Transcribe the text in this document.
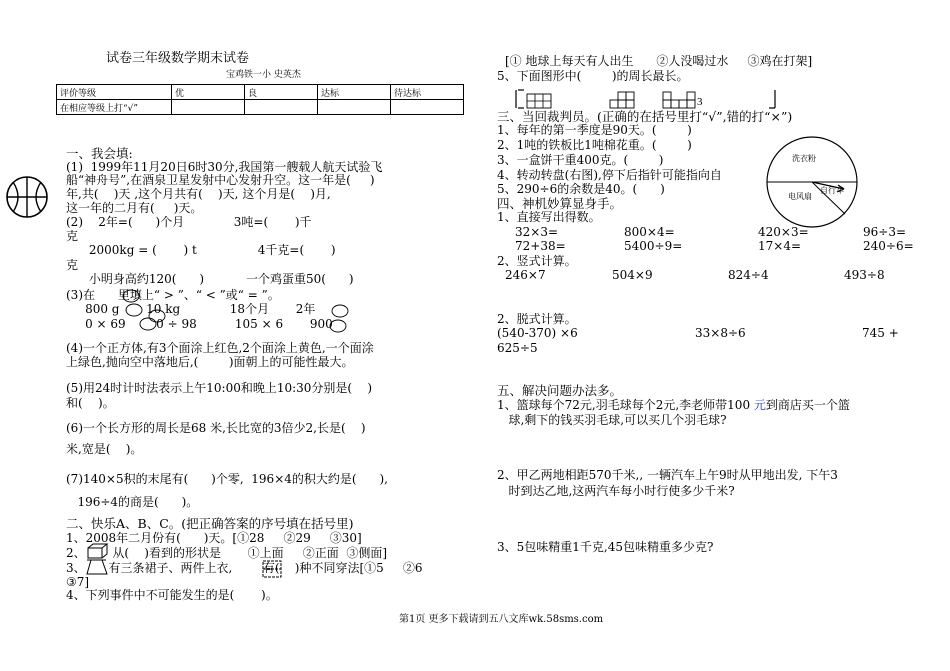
试卷三年级数学期末试卷
宝鸡铁一小 史英杰
评价等级	优	良	达标	待达标
在相应等级上打“√”				
一、我会填:
(1)  1999年11月20日6时30分,我国第一艘载人航天试验飞
船“神舟号”,在酒泉卫星发射中心发射升空。这一年是(     )
年,共(    )天 ,这个月共有(    )天, 这个月是(    )月,
这一年的二月有(     )天。
(2)    2年=(      )个月             3吨=(       )千
克
2000kg = (       ) t                4千克=(       )
克
小明身高约120(      )           一个鸡蛋重50(      )
(3)在      里填上“ > ”、“ < ”或“ = ”。
800 g       10 kg             18个月       2年
0 × 69        0 ÷ 98          105 × 6       900
(4)一个正方体,有3个面涂上红色,2个面涂上黄色,一个面涂
上绿色,抛向空中落地后,(        )面朝上的可能性最大。
(5)用24时计时法表示上午10:00和晚上10:30分别是(    )
和(    )。
(6)一个长方形的周长是68 米,长比宽的3倍少2,长是(    )
米,宽是(    )。
(7)140×5积的末尾有(      )个零,  196×4的积大约是(      ),
196÷4的商是(      )。
二、快乐A、B、C。(把正确答案的序号填在括号里)
1、2008年二月份有(      )天。[①28     ②29     ③30]
2、       从(    )看到的形状是       ①上面     ②正面  ③侧面]
3、      有三条裙子、两件上衣,        有(    )种不同穿法[①5     ②6
③7]
4、下列事件中不可能发生的是(       )。
[① 地球上每天有人出生      ②人没喝过水     ③鸡在打架]
5、下面图形中(        )的周长最长。
3
三、当回裁判员。(正确的在括号里打“√”,错的打“×”)
1、每年的第一季度是90天。(        )
2、1吨的铁板比1吨棉花重。(        )
3、一盒饼干重400克。(        )
4、转动转盘(右图),停下后指针可能指向自
5、290÷6的余数是40。(      )
洗衣粉
电风扇
自行车
四、神机妙算显身手。
1、直接写出得数。
32×3=	800×4=	420×3=	96÷3=
72+38=	5400÷9=	17×4=	240÷6=
2、竖式计算。
246×7	504×9	824÷4	493÷8
2、脱式计算。
(540-370) ×6	33×8÷6	745 +
625÷5
五、解决问题办法多。
1、篮球每个72元,羽毛球每个2元,李老师带100 元到商店买一个篮
球,剩下的钱买羽毛球,可以买几个羽毛球?
2、甲乙两地相距570千米,, 一辆汽车上午9时从甲地出发, 下午3
时到达乙地,这两汽车每小时行使多少千米?
3、5包味精重1千克,45包味精重多少克?
第1页 更多下载请到五八文库wk.58sms.com
